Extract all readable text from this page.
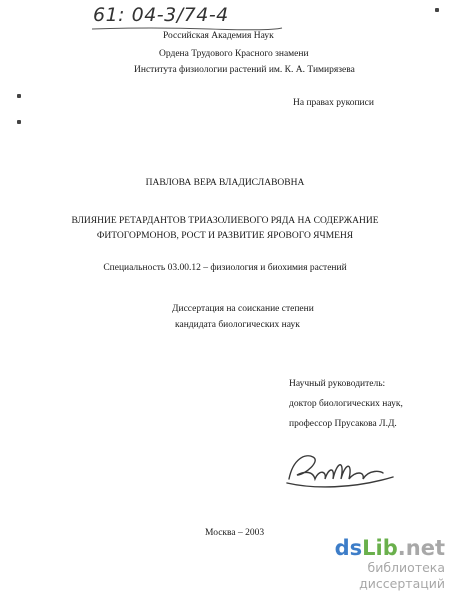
61: 04-3/74-4
Российская Академия Наук
Ордена Трудового Красного знамени
Института физиологии растений им. К. А. Тимирязева
На правах рукописи
ПАВЛОВА ВЕРА ВЛАДИСЛАВОВНА
ВЛИЯНИЕ РЕТАРДАНТОВ ТРИАЗОЛИЕВОГО РЯДА НА СОДЕРЖАНИЕ
ФИТОГОРМОНОВ, РОСТ И РАЗВИТИЕ ЯРОВОГО ЯЧМЕНЯ
Специальность 03.00.12 – физиология и биохимия растений
Диссертация на соискание степени
кандидата биологических наук
Научный руководитель:
доктор биологических наук,
профессор Прусакова Л.Д.
Москва – 2003
dsLib.net
библиотека диссертаций
